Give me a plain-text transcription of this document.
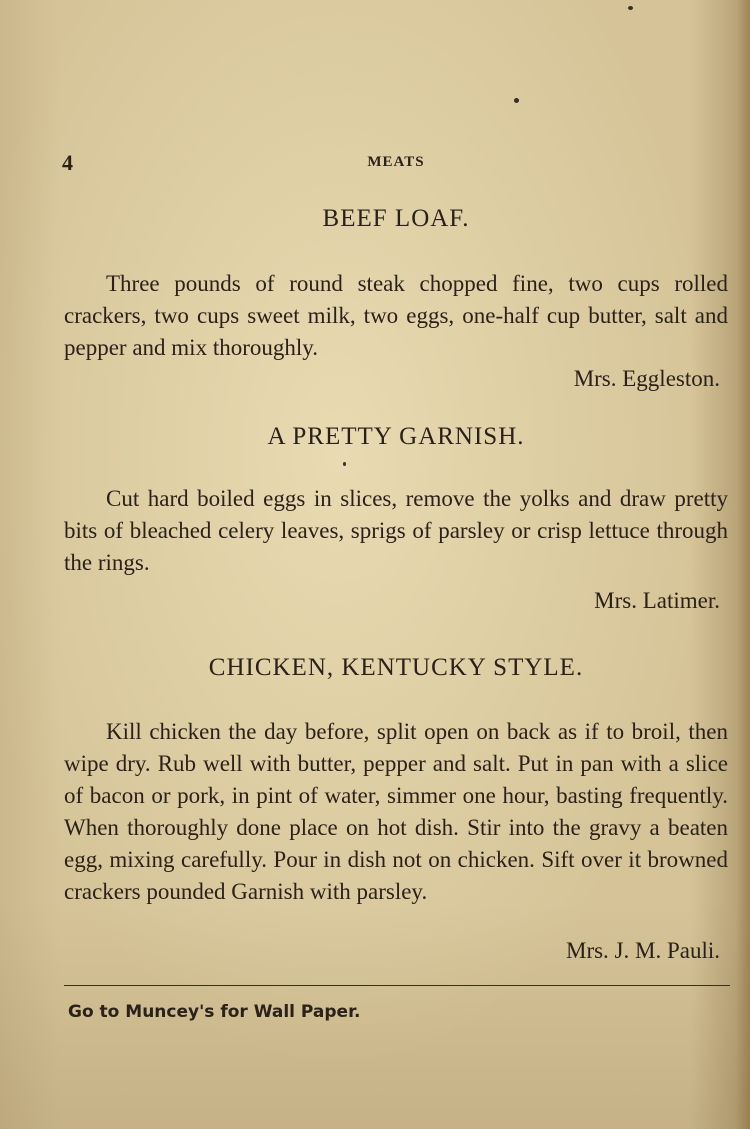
4	MEATS
BEEF LOAF.
Three pounds of round steak chopped fine, two cups rolled crackers, two cups sweet milk, two eggs, one-half cup butter, salt and pepper and mix thoroughly.
Mrs. Eggleston.
A PRETTY GARNISH.
Cut hard boiled eggs in slices, remove the yolks and draw pretty bits of bleached celery leaves, sprigs of parsley or crisp lettuce through the rings.
Mrs. Latimer.
CHICKEN, KENTUCKY STYLE.
Kill chicken the day before, split open on back as if to broil, then wipe dry. Rub well with butter, pepper and salt. Put in pan with a slice of bacon or pork, in pint of water, simmer one hour, basting frequently. When thoroughly done place on hot dish. Stir into the gravy a beaten egg, mixing carefully. Pour in dish not on chicken. Sift over it browned crackers pounded Garnish with parsley.
Mrs. J. M. Pauli.
Go to Muncey's for Wall Paper.
